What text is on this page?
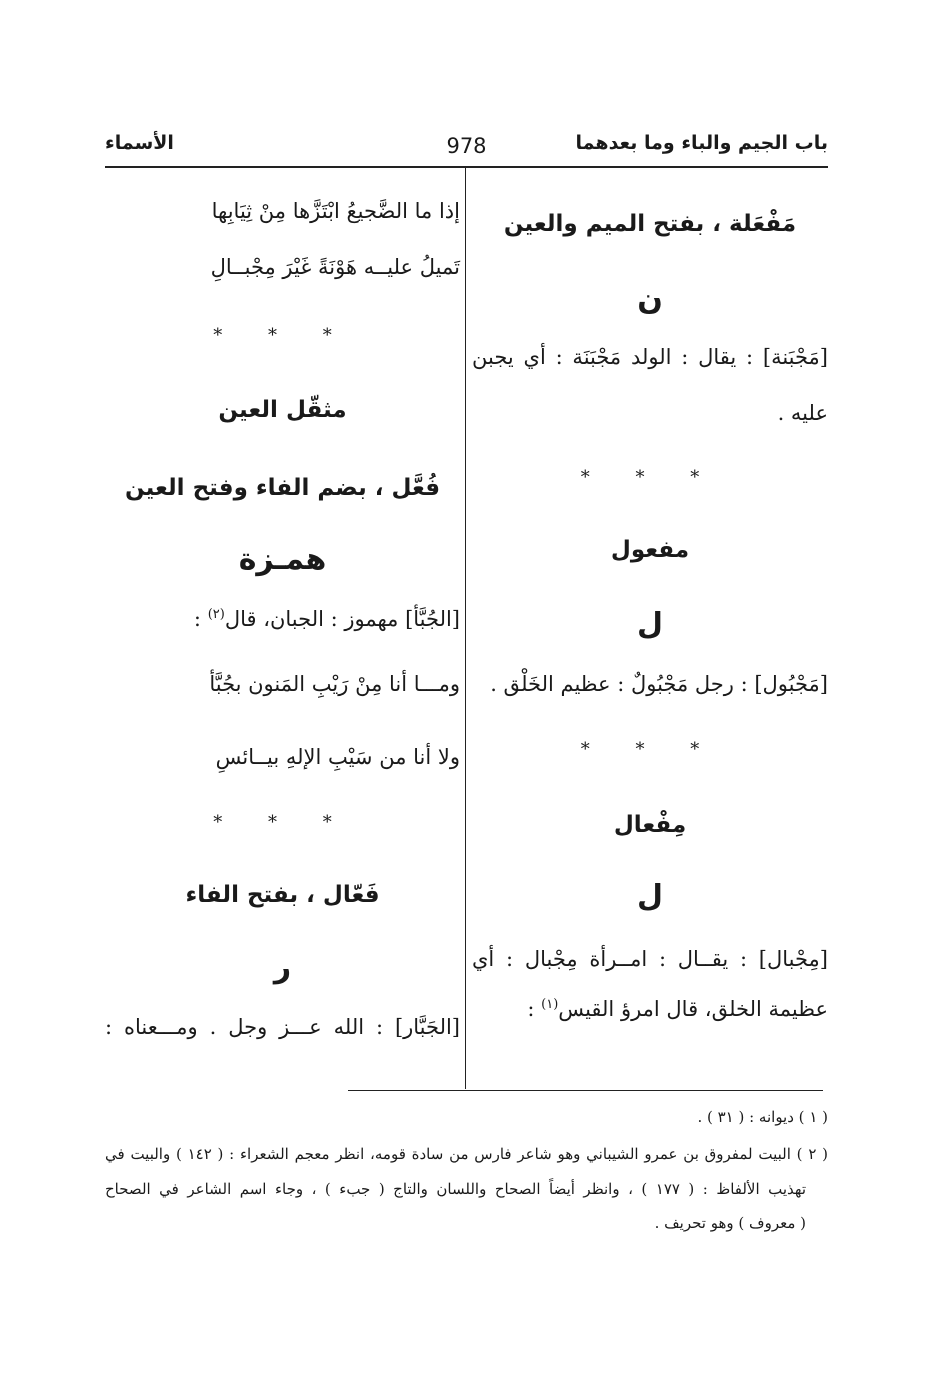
باب الجيم والباء وما بعدهما
978
الأسماء
مَفْعَلة ، بفتح الميم والعين
ن
[مَجْبَنة] : يقال : الولد مَجْبَنَة : أي يجبن
عليه .
* * *
مفعول
ل
[مَجْبُول] : رجل مَجْبُولٌ : عظيم الخَلْق .
* * *
مِفْعال
ل
[مِجْبال] : يقــال : امــرأة مِجْبال : أي
عظيمة الخلق، قال امرؤ القيس$^{(١)}$ :
إذا ما الضَّجيعُ ابْتَزَّها مِنْ ثِيَابِها
تَميلُ عليــه هَوْنَةً غَيْرَ مِجْبــالِ
* * *
مثقّل العين
فُعَّل ، بضم الفاء وفتح العين
همـزة
[الجُبَّأ] مهموز : الجبان، قال$^{(٢)}$ :
ومـــا أنا مِنْ رَيْبِ المَنون بجُبَّأ
ولا أنا من سَيْبِ الإلهِ بيــائسِ
* * *
فَعّال ، بفتح الفاء
ر
[الجَبَّار] : الله عـــز وجل . ومـــعناه :
( ١ ) ديوانه : ( ٣١ ) .
( ٢ ) البيت لمفروق بن عمرو الشيباني وهو شاعر فارس من سادة قومه، انظر معجم الشعراء : ( ١٤٢ ) والبيت في
تهذيب الألفاظ : ( ١٧٧ ) ، وانظر أيضاً الصحاح واللسان والتاج ( جبء ) ، وجاء اسم الشاعر في الصحاح
( معروف ) وهو تحريف .
